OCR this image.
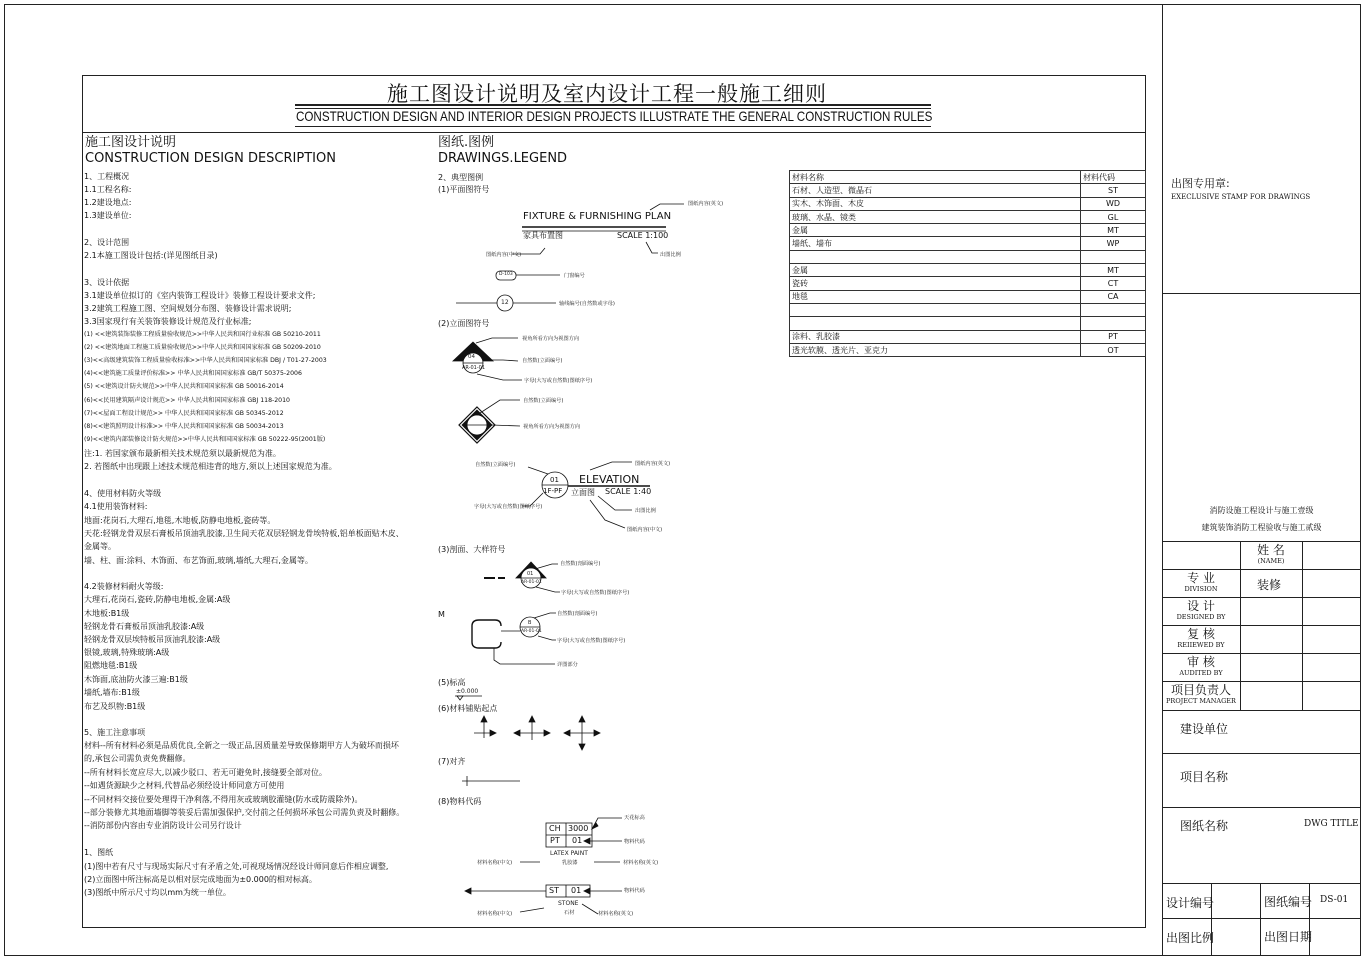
施工图设计说明及室内设计工程一般施工细则
CONSTRUCTION DESIGN AND INTERIOR DESIGN PROJECTS ILLUSTRATE THE GENERAL CONSTRUCTION RULES
施工图设计说明
CONSTRUCTION DESIGN DESCRIPTION
1、工程概况
1.1工程名称:
1.2建设地点:
1.3建设单位:
2、设计范围
2.1本施工图设计包括:(详见图纸目录)
3、设计依据
3.1建设单位拟订的《室内装饰工程设计》装修工程设计要求文件;
3.2建筑工程施工图、空间规划分布图、装修设计需求说明;
3.3国家现行有关装饰装修设计规范及行业标准;
(1) <<建筑装饰装修工程质量验收规范>>中华人民共和国行业标准 GB 50210-2011
(2) <<建筑地面工程施工质量验收规范>>中华人民共和国国家标准 GB 50209-2010
(3)<<高级建筑装饰工程质量验收标准>>中华人民共和国国家标准 DBJ / T01-27-2003
(4)<<建筑施工质量评价标准>> 中华人民共和国国家标准 GB/T 50375-2006
(5) <<建筑设计防火规范>>中华人民共和国国家标准 GB 50016-2014
(6)<<民用建筑隔声设计规范>> 中华人民共和国国家标准 GBJ 118-2010
(7)<<屋面工程设计规范>> 中华人民共和国国家标准 GB 50345-2012
(8)<<建筑照明设计标准>> 中华人民共和国国家标准 GB 50034-2013
(9)<<建筑内部装修设计防火规范>>中华人民共和国国家标准 GB 50222-95(2001版)
注:1. 若国家颁布最新相关技术规范须以最新规范为准。
2. 若图纸中出现跟上述技术规范相违背的地方,须以上述国家规范为准。
4、使用材料防火等级
4.1使用装饰材料:
地面:花岗石,大理石,地毯,木地板,防静电地板,瓷砖等。
天花:轻钢龙骨双层石膏板吊顶油乳胶漆,卫生间天花双层轻钢龙骨埃特板,铝单板面贴木皮、
金属等。
墙、柱、面:涂料、木饰面、布艺饰面,玻璃,墙纸,大理石,金属等。
4.2装修材料耐火等级:
大理石,花岗石,瓷砖,防静电地板,金属:A级
木地板:B1级
轻钢龙骨石膏板吊顶油乳胶漆:A级
轻钢龙骨双层埃特板吊顶油乳胶漆:A级
银镜,玻璃,特殊玻璃:A级
阻燃地毯:B1级
木饰面,底油防火漆三遍:B1级
墙纸,墙布:B1级
布艺及织物:B1级
5、施工注意事项
材料--所有材料必须是品质优良,全新之一级正品,因质量差导致保修期甲方人为破坏而损坏
的,承包公司需负责免费翻修。
--所有材料长宽应尽大,以减少驳口、若无可避免时,接缝要全部对位。
--如遇货源缺少之材料,代替品必须经设计师同意方可使用
--不同材料交接位要处理得干净利落,不得用灰或玻璃胶灌缝(防水或防震除外)。
--部分装修尤其地面墙脚等装妥后需加强保护,交付前之任何损坏承包公司需负责及时翻修。
--消防部份内容由专业消防设计公司另行设计
1、图纸
(1)图中若有尺寸与现场实际尺寸有矛盾之处,可视现场情况经设计师同意后作相应调整,
(2)立面图中所注标高是以相对层完成地面为±0.000的相对标高。
(3)图纸中所示尺寸均以mm为统一单位。
图纸.图例
DRAWINGS.LEGEND
2、典型图例
(1)平面图符号
(2)立面图符号
(3)剖面、大样符号
M
(5)标高
(6)材料铺贴起点
(7)对齐
(8)物料代码
图纸内容(英文)
FIXTURE & FURNISHING PLAN
家具布置图	SCALE 1:100
图纸内容(中文)	出图比例
D-103	门窗编号
12	轴线编号(自然数或字母)
视角所看方向为视图方向
04
AR-01-01
自然数(立面编号)
字母(大写或自然数(图纸序号)
自然数(立面编号)
视角所看方向为视图方向
自然数(立面编号)	图纸内容(英文)
01
1F-PF
ELEVATION
立面图 SCALE 1:40
字母(大写或自然数(图纸序号)
出图比例
图纸内容(中文)
自然数(剖面编号)
01
AR-01-01
字母(大写或自然数(图纸序号)
自然数(剖面编号)
B
AR-01-01
字母(大写或自然数(图纸序号)
详图部分
±0.000
天花标高
CH 3000
物料代码
PT 01
LATEX PAINT
材料名称(中文)	乳胶漆	材料名称(英文)
ST 01	物料代码
STONE
材料名称(中文)	石材	材料名称(英文)
材料名称	材料代码
石材、人造型、微晶石	ST
实木、木饰面、木皮	WD
玻璃、水晶、镜类	GL
金属	MT
墙纸、墙布	WP

金属	MT
瓷砖	CT
地毯	CA

涂料、乳胶漆	PT
透光软膜、透光片、亚克力	OT
出图专用章:
EXECLUSIVE STAMP FOR DRAWINGS
消防设施工程设计与施工壹级
建筑装饰消防工程验收与施工贰级
姓 名
(NAME)
专 业
DIVISION	装修
设 计
DESIGNED BY
复 核
REIIEWED BY
审 核
AUDITED BY
项目负责人
PROJECT MANAGER
建设单位
项目名称
图纸名称	DWG TITLE
设计编号	图纸编号 DS-01
出图比例	出图日期
